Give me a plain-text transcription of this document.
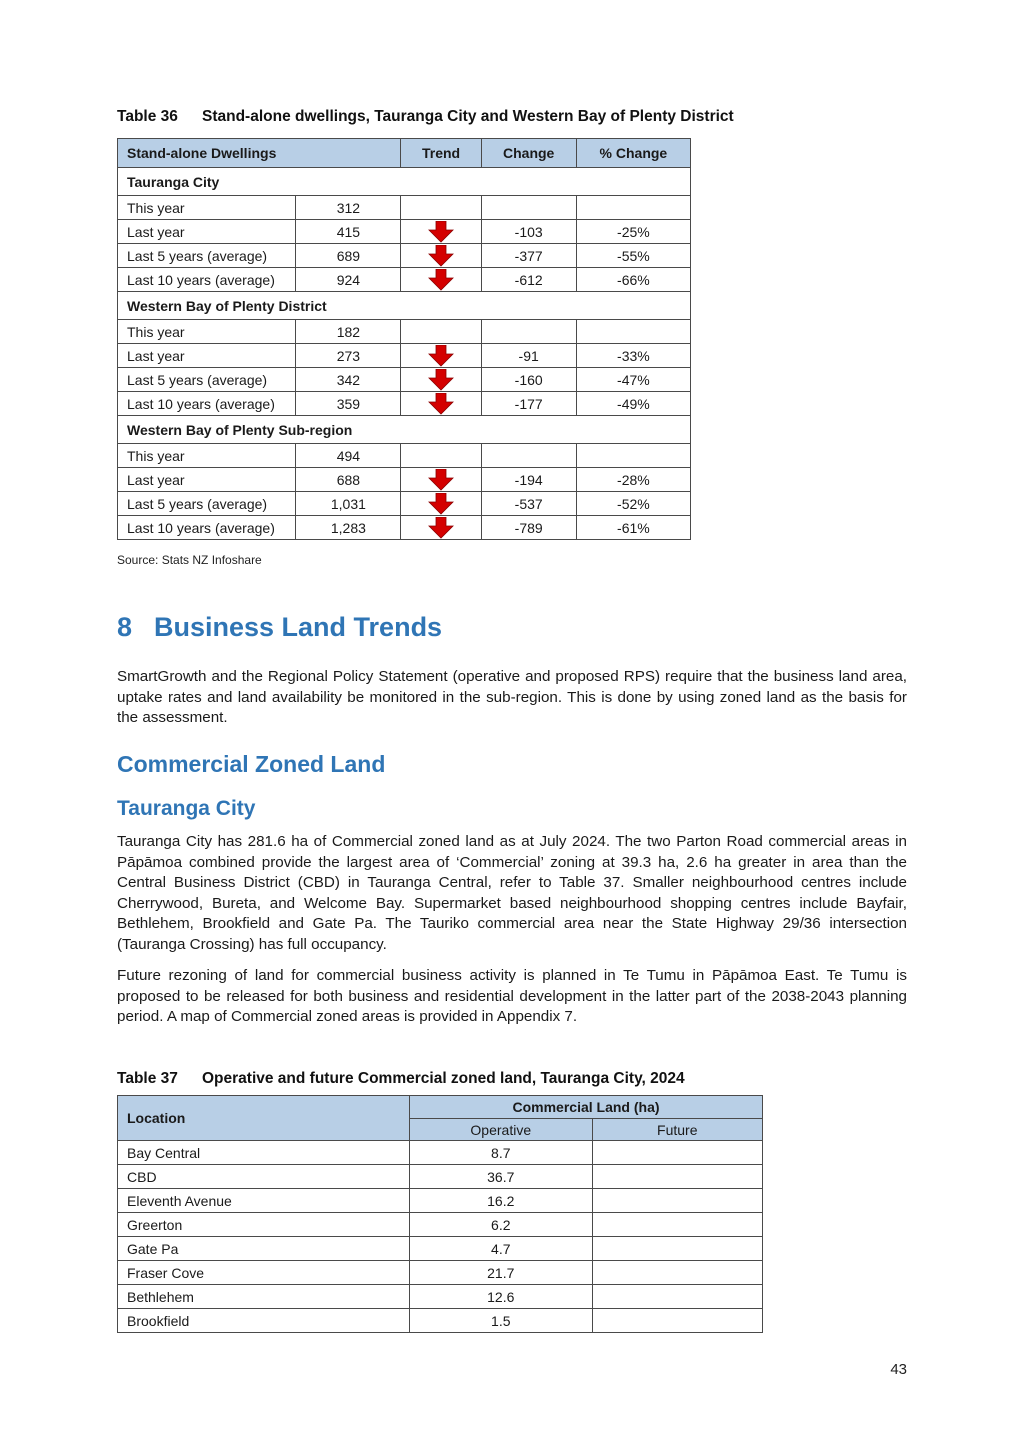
Table 36 Stand-alone dwellings, Tauranga City and Western Bay of Plenty District
Stand-alone Dwellings		Trend	Change	% Change
Tauranga City				
This year	312			
Last year	415		-103	-25%
Last 5 years (average)	689		-377	-55%
Last 10 years (average)	924		-612	-66%
Western Bay of Plenty District				
This year	182			
Last year	273		-91	-33%
Last 5 years (average)	342		-160	-47%
Last 10 years (average)	359		-177	-49%
Western Bay of Plenty Sub-region				
This year	494			
Last year	688		-194	-28%
Last 5 years (average)	1,031		-537	-52%
Last 10 years (average)	1,283		-789	-61%
Source: Stats NZ Infoshare
8 Business Land Trends

SmartGrowth and the Regional Policy Statement (operative and proposed RPS) require that the business land area, uptake rates and land availability be monitored in the sub-region. This is done by using zoned land as the basis for the assessment.

Commercial Zoned Land
Tauranga City

Tauranga City has 281.6 ha of Commercial zoned land as at July 2024. The two Parton Road commercial areas in Pāpāmoa combined provide the largest area of ‘Commercial’ zoning at 39.3 ha, 2.6 ha greater in area than the Central Business District (CBD) in Tauranga Central, refer to Table 37. Smaller neighbourhood centres include Cherrywood, Bureta, and Welcome Bay. Supermarket based neighbourhood shopping centres include Bayfair, Bethlehem, Brookfield and Gate Pa. The Tauriko commercial area near the State Highway 29/36 intersection (Tauranga Crossing) has full occupancy.

Future rezoning of land for commercial business activity is planned in Te Tumu in Pāpāmoa East. Te Tumu is proposed to be released for both business and residential development in the latter part of the 2038-2043 planning period. A map of Commercial zoned areas is provided in Appendix 7.

Table 37 Operative and future Commercial zoned land, Tauranga City, 2024
Location	Commercial Land (ha)	
	Operative	Future
Bay Central	8.7	
CBD	36.7	
Eleventh Avenue	16.2	
Greerton	6.2	
Gate Pa	4.7	
Fraser Cove	21.7	
Bethlehem	12.6	
Brookfield	1.5	
43
